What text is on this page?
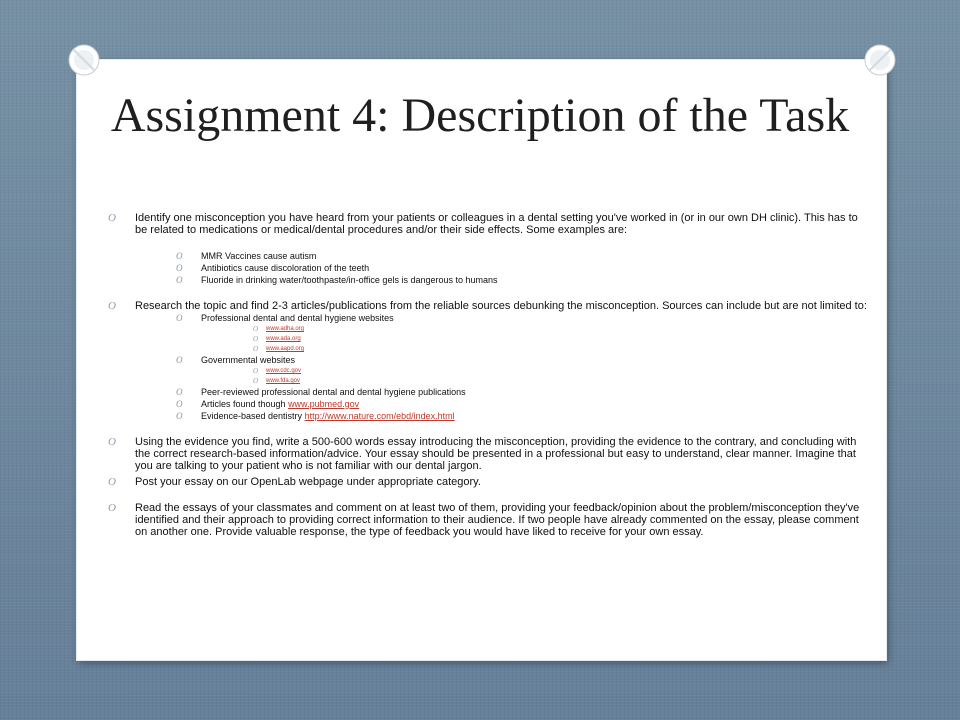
Assignment 4: Description of the Task
O Identify one misconception you have heard from your patients or colleagues in a dental setting you've worked in (or in our own DH clinic). This has to be related to medications or medical/dental procedures and/or their side effects. Some examples are:
O MMR Vaccines cause autism
O Antibiotics cause discoloration of the teeth
O Fluoride in drinking water/toothpaste/in-office gels is dangerous to humans
O Research the topic and find 2-3 articles/publications from the reliable sources debunking the misconception. Sources can include but are not limited to:
O Professional dental and dental hygiene websites
O www.adha.org
O www.ada.org
O www.aapd.org
O Governmental websites
O www.cdc.gov
O www.fda.gov
O Peer-reviewed professional dental and dental hygiene publications
O Articles found though www.pubmed.gov
O Evidence-based dentistry http://www.nature.com/ebd/index.html
O Using the evidence you find, write a 500-600 words essay introducing the misconception, providing the evidence to the contrary, and concluding with the correct research-based information/advice. Your essay should be presented in a professional but easy to understand, clear manner. Imagine that you are talking to your patient who is not familiar with our dental jargon.
O Post your essay on our OpenLab webpage under appropriate category.
O Read the essays of your classmates and comment on at least two of them, providing your feedback/opinion about the problem/misconception they've identified and their approach to providing correct information to their audience. If two people have already commented on the essay, please comment on another one. Provide valuable response, the type of feedback you would have liked to receive for your own essay.
